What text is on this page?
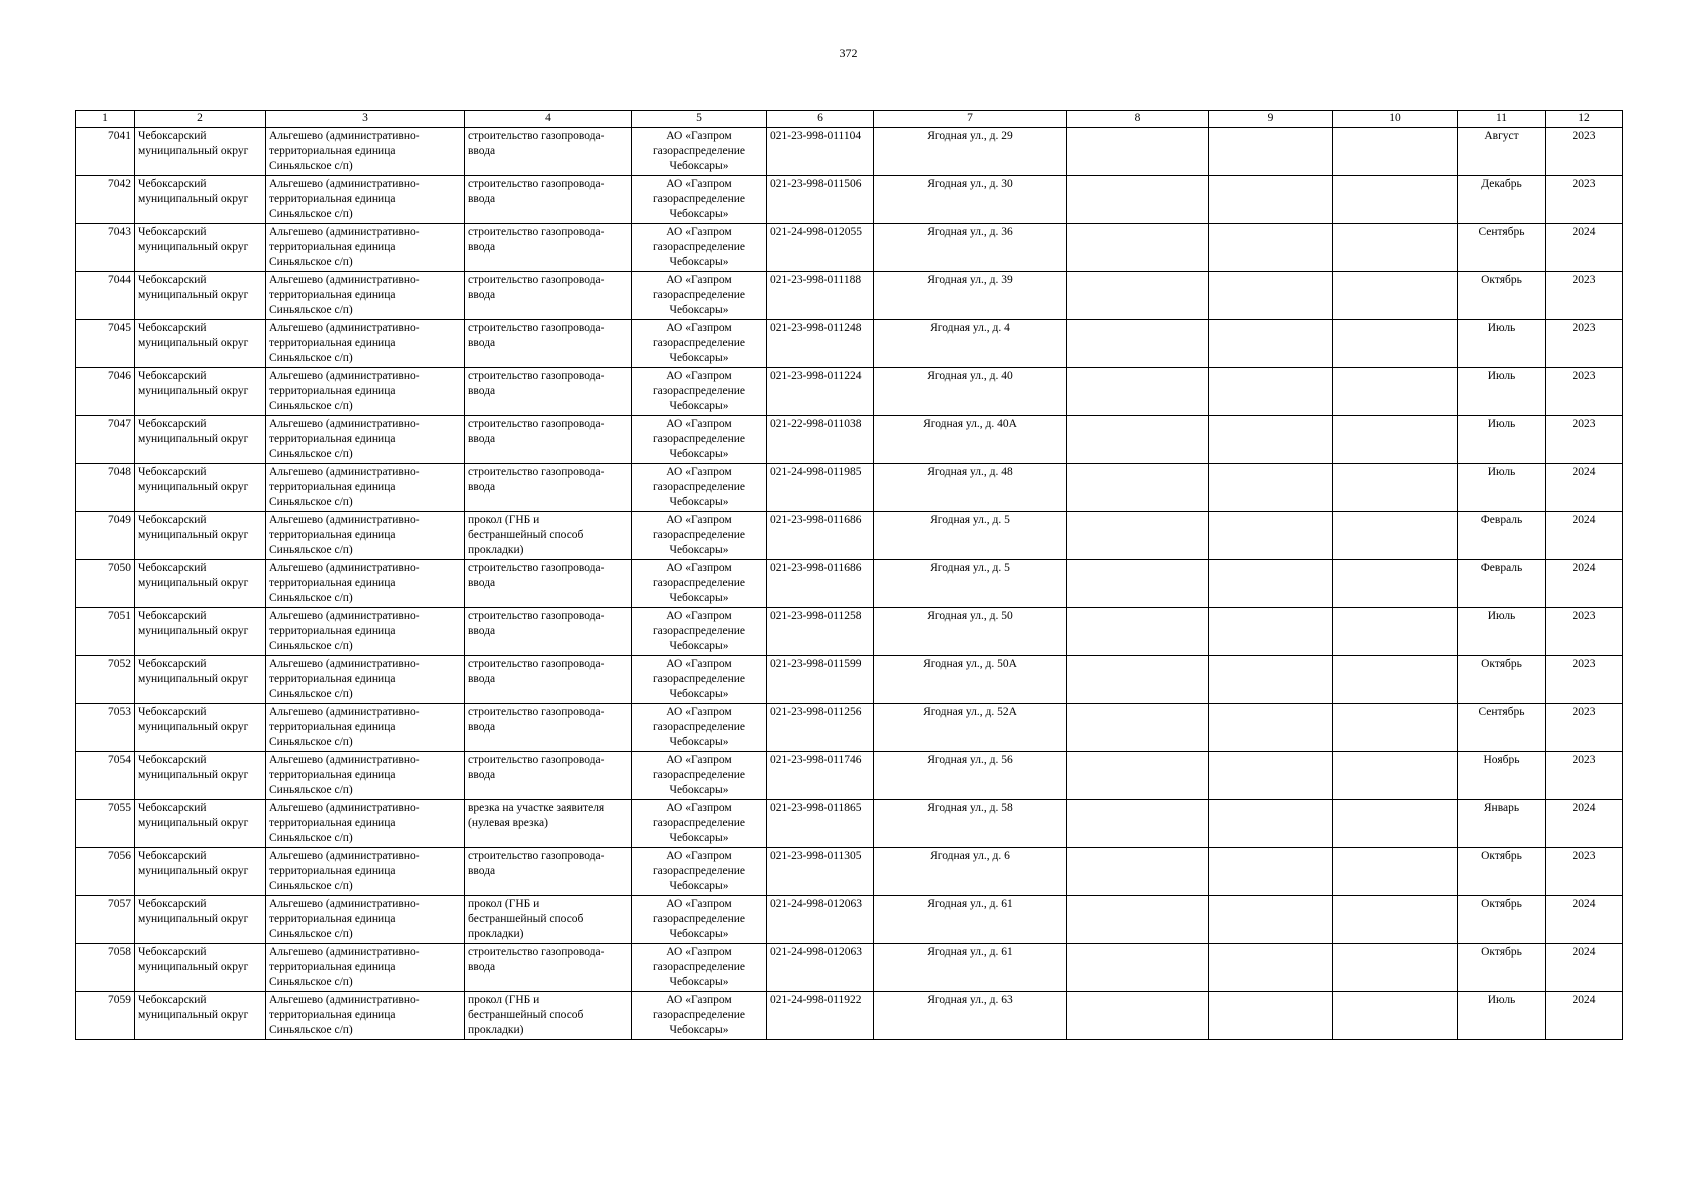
372
1	2	3	4	5	6	7	8	9	10	11	12
7041	Чебоксарский
муниципальный округ	Альгешево (административно-
территориальная единица
Синьяльское с/п)	строительство газопровода-
ввода	АО «Газпром
газораспределение
Чебоксары»	021-23-998-011104	Ягодная ул., д. 29				Август	2023
7042	Чебоксарский
муниципальный округ	Альгешево (административно-
территориальная единица
Синьяльское с/п)	строительство газопровода-
ввода	АО «Газпром
газораспределение
Чебоксары»	021-23-998-011506	Ягодная ул., д. 30				Декабрь	2023
7043	Чебоксарский
муниципальный округ	Альгешево (административно-
территориальная единица
Синьяльское с/п)	строительство газопровода-
ввода	АО «Газпром
газораспределение
Чебоксары»	021-24-998-012055	Ягодная ул., д. 36				Сентябрь	2024
7044	Чебоксарский
муниципальный округ	Альгешево (административно-
территориальная единица
Синьяльское с/п)	строительство газопровода-
ввода	АО «Газпром
газораспределение
Чебоксары»	021-23-998-011188	Ягодная ул., д. 39				Октябрь	2023
7045	Чебоксарский
муниципальный округ	Альгешево (административно-
территориальная единица
Синьяльское с/п)	строительство газопровода-
ввода	АО «Газпром
газораспределение
Чебоксары»	021-23-998-011248	Ягодная ул., д. 4				Июль	2023
7046	Чебоксарский
муниципальный округ	Альгешево (административно-
территориальная единица
Синьяльское с/п)	строительство газопровода-
ввода	АО «Газпром
газораспределение
Чебоксары»	021-23-998-011224	Ягодная ул., д. 40				Июль	2023
7047	Чебоксарский
муниципальный округ	Альгешево (административно-
территориальная единица
Синьяльское с/п)	строительство газопровода-
ввода	АО «Газпром
газораспределение
Чебоксары»	021-22-998-011038	Ягодная ул., д. 40А				Июль	2023
7048	Чебоксарский
муниципальный округ	Альгешево (административно-
территориальная единица
Синьяльское с/п)	строительство газопровода-
ввода	АО «Газпром
газораспределение
Чебоксары»	021-24-998-011985	Ягодная ул., д. 48				Июль	2024
7049	Чебоксарский
муниципальный округ	Альгешево (административно-
территориальная единица
Синьяльское с/п)	прокол (ГНБ и
бестраншейный способ
прокладки)	АО «Газпром
газораспределение
Чебоксары»	021-23-998-011686	Ягодная ул., д. 5				Февраль	2024
7050	Чебоксарский
муниципальный округ	Альгешево (административно-
территориальная единица
Синьяльское с/п)	строительство газопровода-
ввода	АО «Газпром
газораспределение
Чебоксары»	021-23-998-011686	Ягодная ул., д. 5				Февраль	2024
7051	Чебоксарский
муниципальный округ	Альгешево (административно-
территориальная единица
Синьяльское с/п)	строительство газопровода-
ввода	АО «Газпром
газораспределение
Чебоксары»	021-23-998-011258	Ягодная ул., д. 50				Июль	2023
7052	Чебоксарский
муниципальный округ	Альгешево (административно-
территориальная единица
Синьяльское с/п)	строительство газопровода-
ввода	АО «Газпром
газораспределение
Чебоксары»	021-23-998-011599	Ягодная ул., д. 50А				Октябрь	2023
7053	Чебоксарский
муниципальный округ	Альгешево (административно-
территориальная единица
Синьяльское с/п)	строительство газопровода-
ввода	АО «Газпром
газораспределение
Чебоксары»	021-23-998-011256	Ягодная ул., д. 52А				Сентябрь	2023
7054	Чебоксарский
муниципальный округ	Альгешево (административно-
территориальная единица
Синьяльское с/п)	строительство газопровода-
ввода	АО «Газпром
газораспределение
Чебоксары»	021-23-998-011746	Ягодная ул., д. 56				Ноябрь	2023
7055	Чебоксарский
муниципальный округ	Альгешево (административно-
территориальная единица
Синьяльское с/п)	врезка на участке заявителя
(нулевая врезка)	АО «Газпром
газораспределение
Чебоксары»	021-23-998-011865	Ягодная ул., д. 58				Январь	2024
7056	Чебоксарский
муниципальный округ	Альгешево (административно-
территориальная единица
Синьяльское с/п)	строительство газопровода-
ввода	АО «Газпром
газораспределение
Чебоксары»	021-23-998-011305	Ягодная ул., д. 6				Октябрь	2023
7057	Чебоксарский
муниципальный округ	Альгешево (административно-
территориальная единица
Синьяльское с/п)	прокол (ГНБ и
бестраншейный способ
прокладки)	АО «Газпром
газораспределение
Чебоксары»	021-24-998-012063	Ягодная ул., д. 61				Октябрь	2024
7058	Чебоксарский
муниципальный округ	Альгешево (административно-
территориальная единица
Синьяльское с/п)	строительство газопровода-
ввода	АО «Газпром
газораспределение
Чебоксары»	021-24-998-012063	Ягодная ул., д. 61				Октябрь	2024
7059	Чебоксарский
муниципальный округ	Альгешево (административно-
территориальная единица
Синьяльское с/п)	прокол (ГНБ и
бестраншейный способ
прокладки)	АО «Газпром
газораспределение
Чебоксары»	021-24-998-011922	Ягодная ул., д. 63				Июль	2024
